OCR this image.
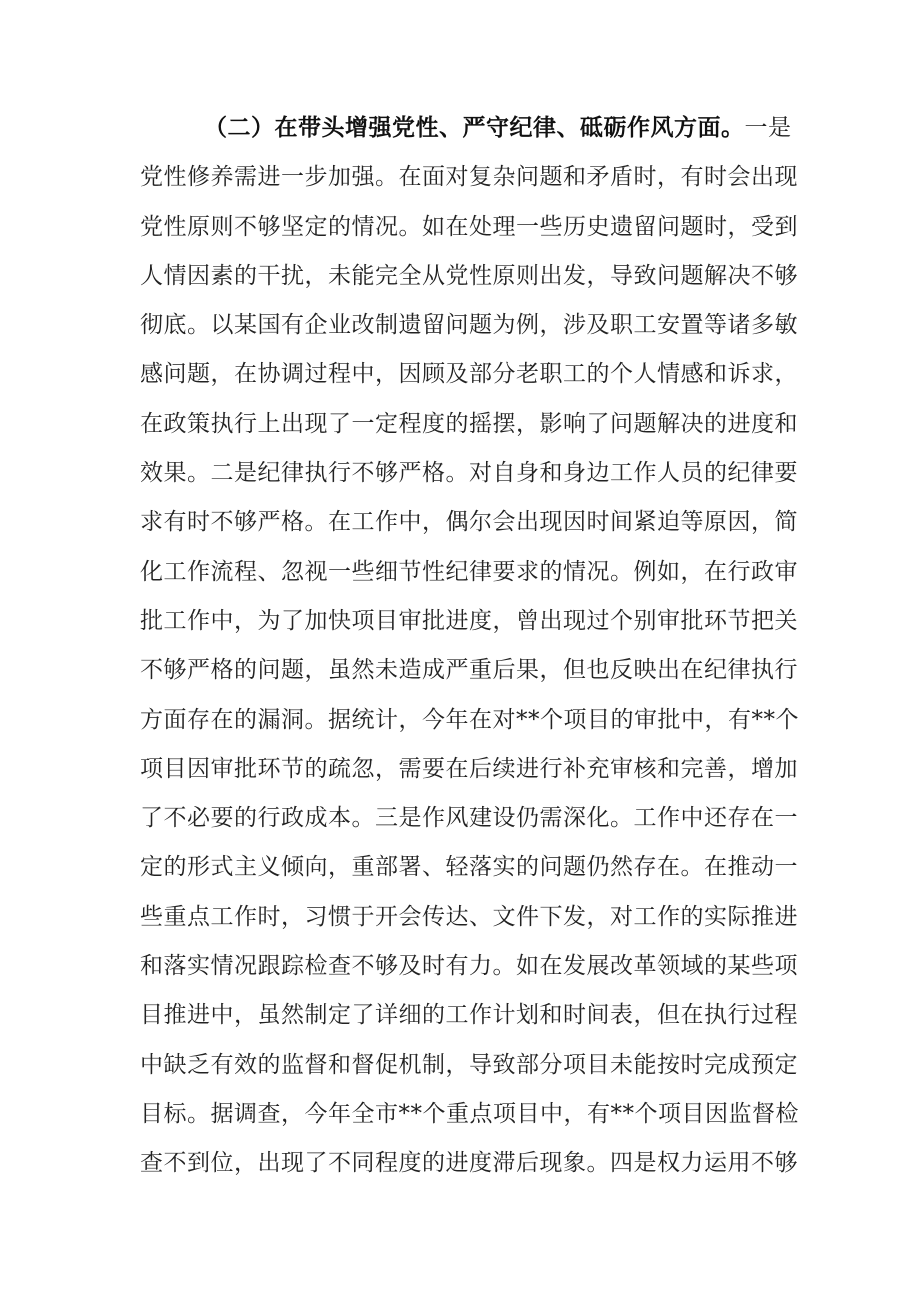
（二）在带头增强党性、严守纪律、砥砺作风方面。一是
党性修养需进一步加强。在面对复杂问题和矛盾时，有时会出现
党性原则不够坚定的情况。如在处理一些历史遗留问题时，受到
人情因素的干扰，未能完全从党性原则出发，导致问题解决不够
彻底。以某国有企业改制遗留问题为例，涉及职工安置等诸多敏
感问题，在协调过程中，因顾及部分老职工的个人情感和诉求，
在政策执行上出现了一定程度的摇摆，影响了问题解决的进度和
效果。二是纪律执行不够严格。对自身和身边工作人员的纪律要
求有时不够严格。在工作中，偶尔会出现因时间紧迫等原因，简
化工作流程、忽视一些细节性纪律要求的情况。例如，在行政审
批工作中，为了加快项目审批进度，曾出现过个别审批环节把关
不够严格的问题，虽然未造成严重后果，但也反映出在纪律执行
方面存在的漏洞。据统计，今年在对**个项目的审批中，有**个
项目因审批环节的疏忽，需要在后续进行补充审核和完善，增加
了不必要的行政成本。三是作风建设仍需深化。工作中还存在一
定的形式主义倾向，重部署、轻落实的问题仍然存在。在推动一
些重点工作时，习惯于开会传达、文件下发，对工作的实际推进
和落实情况跟踪检查不够及时有力。如在发展改革领域的某些项
目推进中，虽然制定了详细的工作计划和时间表，但在执行过程
中缺乏有效的监督和督促机制，导致部分项目未能按时完成预定
目标。据调查，今年全市**个重点项目中，有**个项目因监督检
查不到位，出现了不同程度的进度滞后现象。四是权力运用不够
